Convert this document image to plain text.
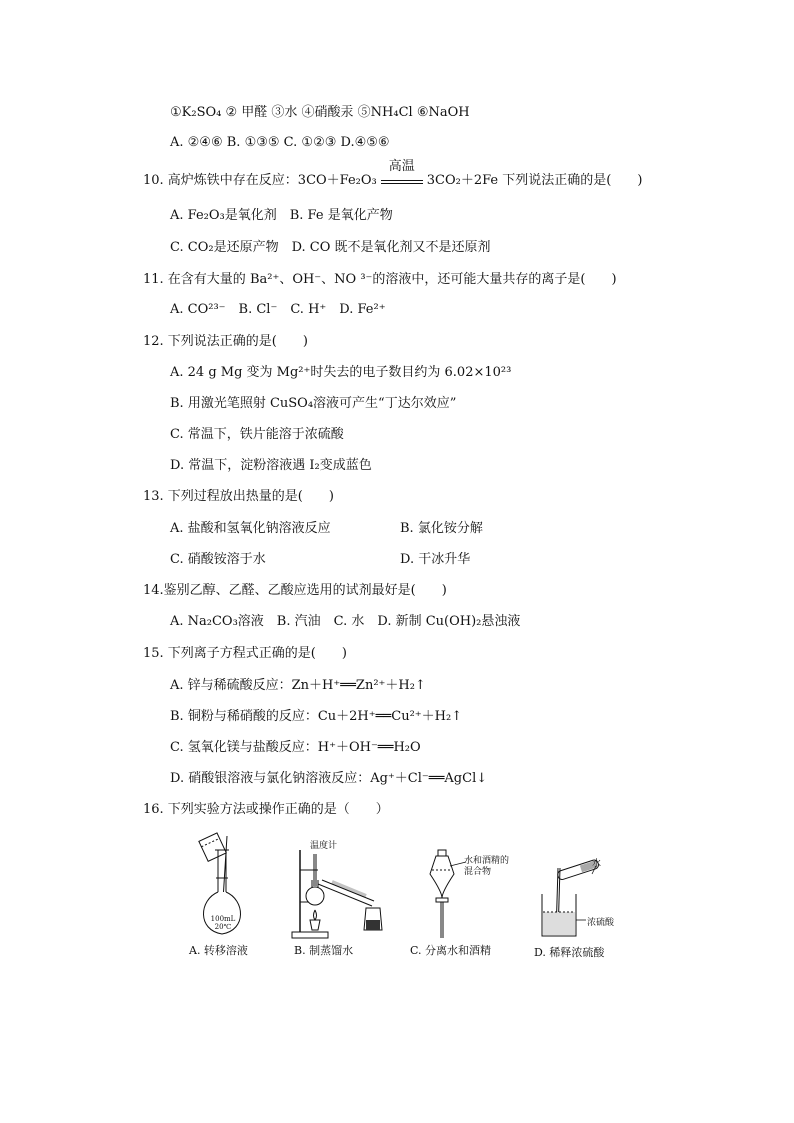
①K₂SO₄ ② 甲醛 ③水 ④硝酸汞 ⑤NH₄Cl ⑥NaOH
A. ②④⑥ B. ①③⑤ C. ①②③ D.④⑤⑥
10. 高炉炼铁中存在反应：3CO＋Fe₂O₃
高温
3CO₂＋2Fe 下列说法正确的是(　　)
A. Fe₂O₃是氧化剂　B. Fe 是氧化产物
C. CO₂是还原产物　D. CO 既不是氧化剂又不是还原剂
11. 在含有大量的 Ba²⁺、OH⁻、NO ³⁻的溶液中，还可能大量共存的离子是(　　)
A. CO²³⁻　B. Cl⁻　C. H⁺　D. Fe²⁺
12. 下列说法正确的是(　　)
A. 24 g Mg 变为 Mg²⁺时失去的电子数目约为 6.02×10²³
B. 用激光笔照射 CuSO₄溶液可产生“丁达尔效应”
C. 常温下，铁片能溶于浓硫酸
D. 常温下，淀粉溶液遇 I₂变成蓝色
13. 下列过程放出热量的是(　　)
A. 盐酸和氢氧化钠溶液反应	B. 氯化铵分解
C. 硝酸铵溶于水	D. 干冰升华
14.鉴别乙醇、乙醛、乙酸应选用的试剂最好是(　　)
A. Na₂CO₃溶液　B. 汽油　C. 水　D. 新制 Cu(OH)₂悬浊液
15. 下列离子方程式正确的是(　　)
A. 锌与稀硫酸反应：Zn＋H⁺══Zn²⁺＋H₂↑
B. 铜粉与稀硝酸的反应：Cu＋2H⁺══Cu²⁺＋H₂↑
C. 氢氧化镁与盐酸反应：H⁺＋OH⁻══H₂O
D. 硝酸银溶液与氯化钠溶液反应：Ag⁺＋Cl⁻══AgCl↓
16. 下列实验方法或操作正确的是（　　）
100mL 20℃
A. 转移溶液
温度计
B. 制蒸馏水
水和酒精的混合物
C. 分离水和酒精
水
浓硫酸
D. 稀释浓硫酸
